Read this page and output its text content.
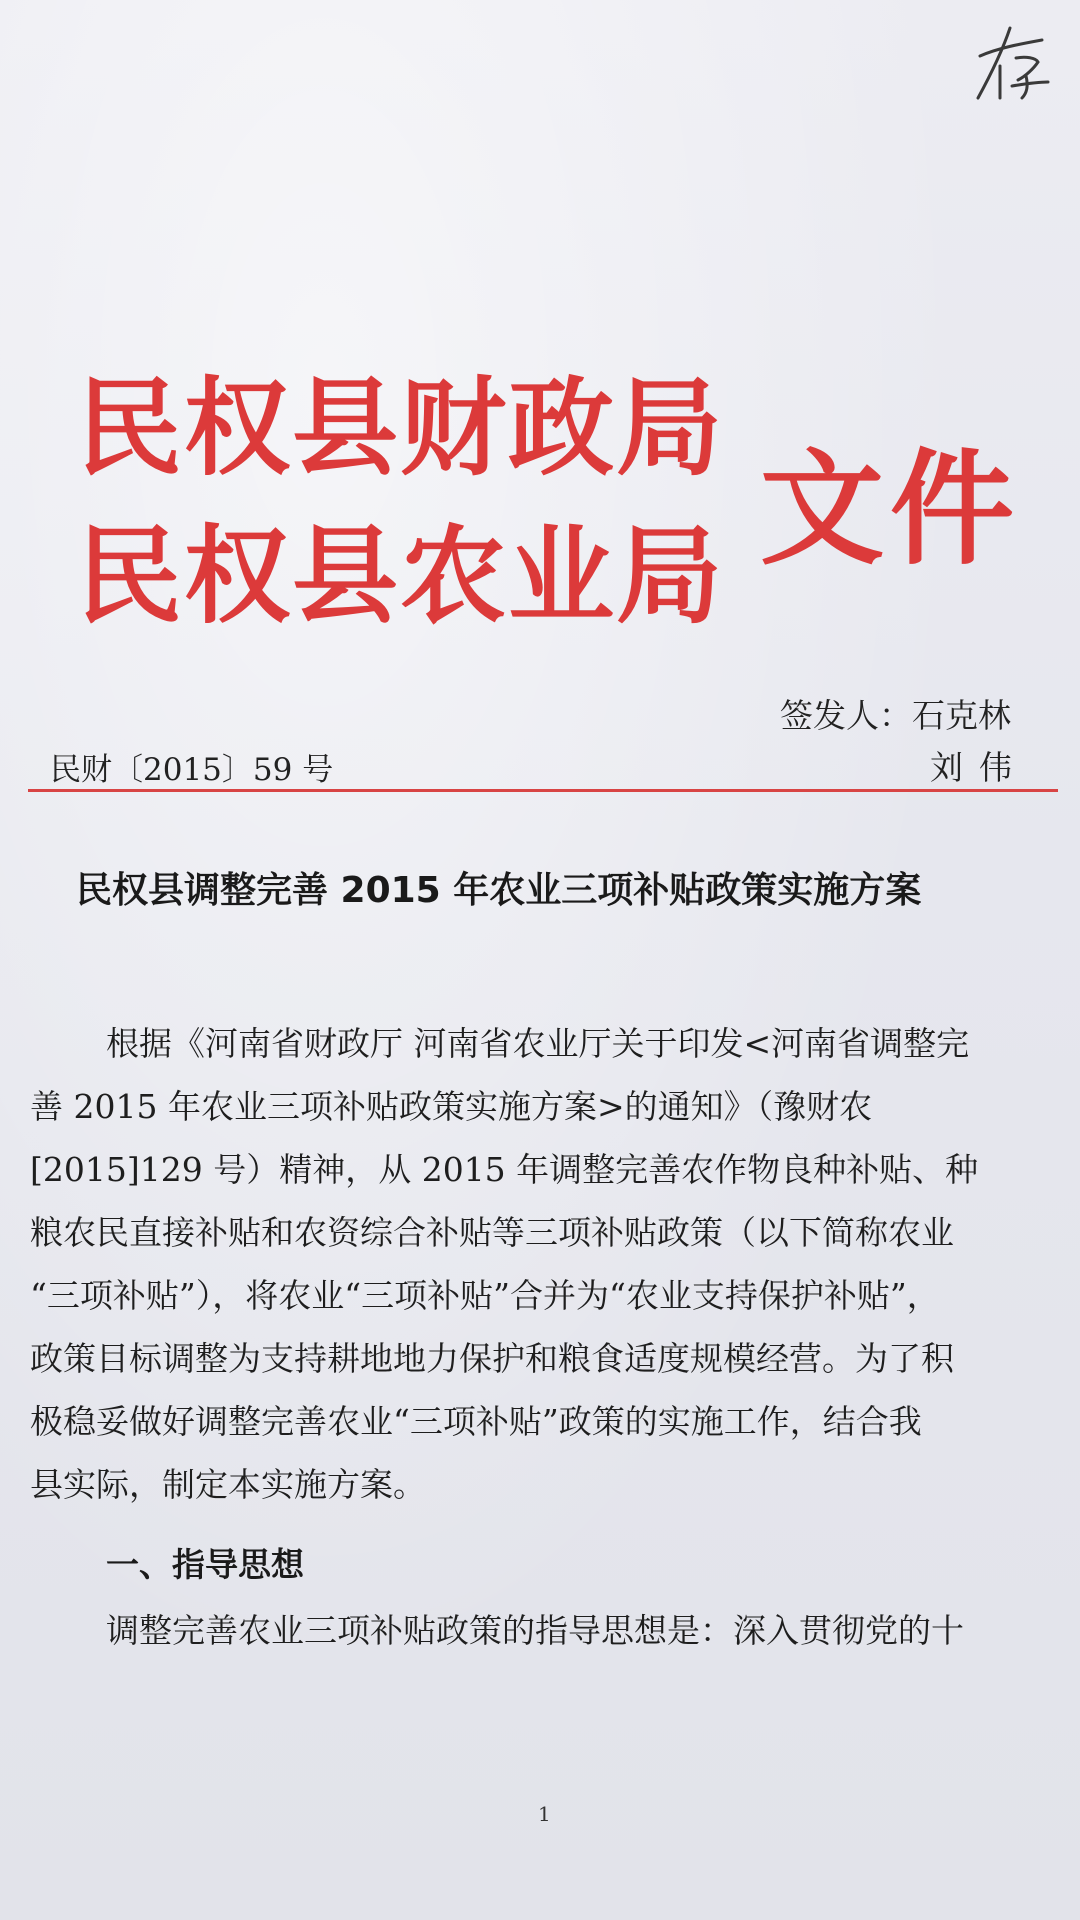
民权县财政局
民权县农业局 文件
签发人：石克林
刘伟
民财〔2015〕59 号
民权县调整完善 2015 年农业三项补贴政策实施方案
根据《河南省财政厅 河南省农业厅关于印发<河南省调整完
善 2015 年农业三项补贴政策实施方案>的通知》（豫财农
[2015]129 号）精神，从 2015 年调整完善农作物良种补贴、种
粮农民直接补贴和农资综合补贴等三项补贴政策（以下简称农业
“三项补贴”），将农业“三项补贴”合并为“农业支持保护补贴”，
政策目标调整为支持耕地地力保护和粮食适度规模经营。为了积
极稳妥做好调整完善农业“三项补贴”政策的实施工作，结合我
县实际，制定本实施方案。
一、指导思想
调整完善农业三项补贴政策的指导思想是：深入贯彻党的十
1
